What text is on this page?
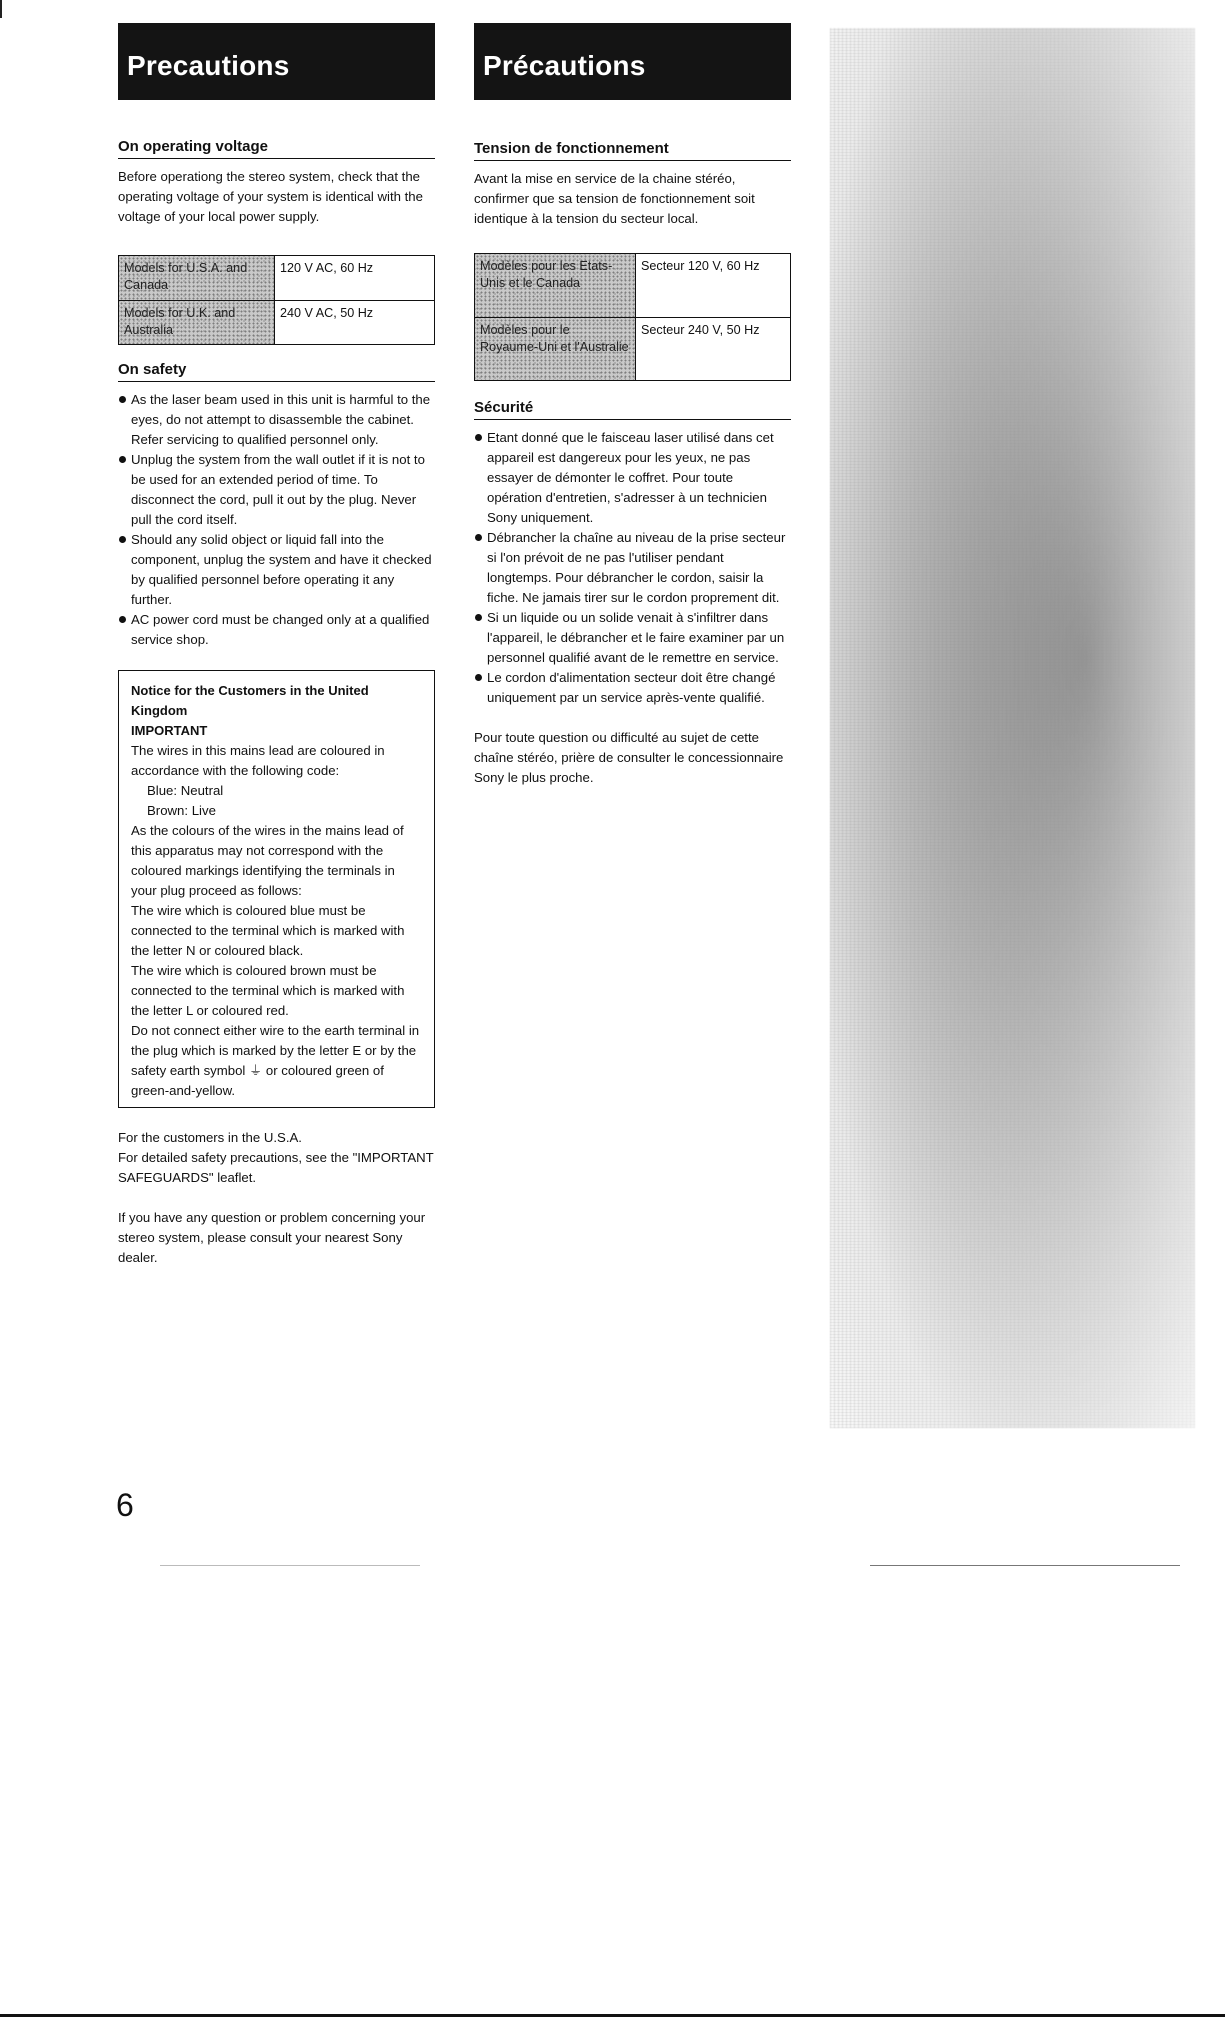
Precautions
On operating voltage

Before operationg the stereo system, check that the operating voltage of your system is identical with the voltage of your local power supply.

Models for U.S.A. and Canada	120 V AC, 60 Hz
Models for U.K. and Australia	240 V AC, 50 Hz
On safety
As the laser beam used in this unit is harmful to the eyes, do not attempt to disassemble the cabinet. Refer servicing to qualified personnel only.
Unplug the system from the wall outlet if it is not to be used for an extended period of time. To disconnect the cord, pull it out by the plug. Never pull the cord itself.
Should any solid object or liquid fall into the component, unplug the system and have it checked by qualified personnel before operating it any further.
AC power cord must be changed only at a qualified service shop.

Notice for the Customers in the United Kingdom

IMPORTANT

The wires in this mains lead are coloured in accordance with the following code:

Blue: Neutral

Brown: Live

As the colours of the wires in the mains lead of this apparatus may not correspond with the coloured markings identifying the terminals in your plug proceed as follows:

The wire which is coloured blue must be connected to the terminal which is marked with the letter N or coloured black.

The wire which is coloured brown must be connected to the terminal which is marked with the letter L or coloured red.

Do not connect either wire to the earth terminal in the plug which is marked by the letter E or by the safety earth symbol ⏚ or coloured green of green-and-yellow.

For the customers in the U.S.A.

For detailed safety precautions, see the "IMPORTANT SAFEGUARDS" leaflet.

If you have any question or problem concerning your stereo system, please consult your nearest Sony dealer.

Précautions
Tension de fonctionnement

Avant la mise en service de la chaine stéréo, confirmer que sa tension de fonctionnement soit identique à la tension du secteur local.

Modèles pour les Etats-Unis et le Canada	Secteur 120 V, 60 Hz
Modèles pour le Royaume-Uni et l'Australie	Secteur 240 V, 50 Hz
Sécurité
Etant donné que le faisceau laser utilisé dans cet appareil est dangereux pour les yeux, ne pas essayer de démonter le coffret. Pour toute opération d'entretien, s'adresser à un technicien Sony uniquement.
Débrancher la chaîne au niveau de la prise secteur si l'on prévoit de ne pas l'utiliser pendant longtemps. Pour débrancher le cordon, saisir la fiche. Ne jamais tirer sur le cordon proprement dit.
Si un liquide ou un solide venait à s'infiltrer dans l'appareil, le débrancher et le faire examiner par un personnel qualifié avant de le remettre en service.
Le cordon d'alimentation secteur doit être changé uniquement par un service après-vente qualifié.

Pour toute question ou difficulté au sujet de cette chaîne stéréo, prière de consulter le concessionnaire Sony le plus proche.

6
